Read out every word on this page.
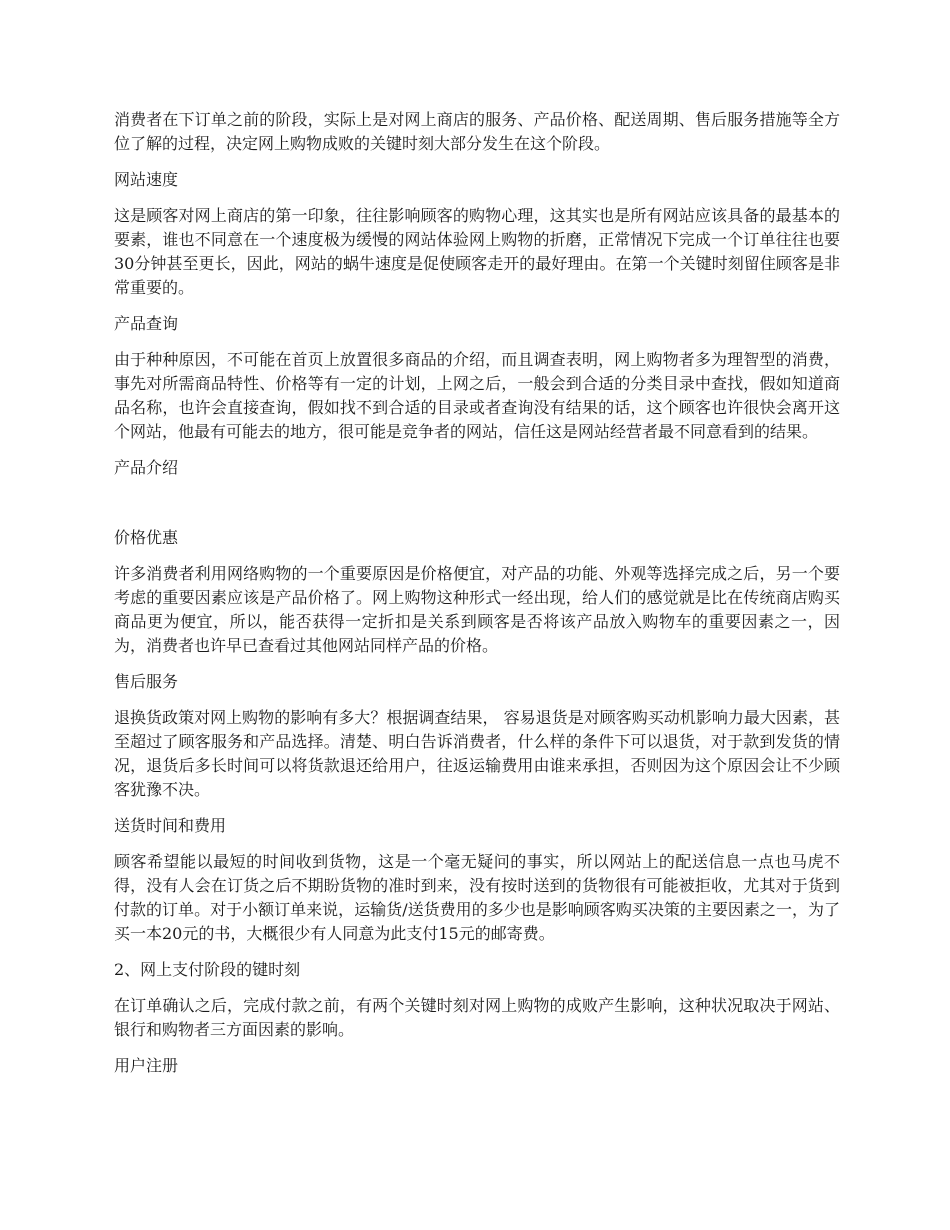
消费者在下订单之前的阶段，实际上是对网上商店的服务、产品价格、配送周期、售后服务措施等全方位了解的过程，决定网上购物成败的关键时刻大部分发生在这个阶段。

网站速度

这是顾客对网上商店的第一印象，往往影响顾客的购物心理，这其实也是所有网站应该具备的最基本的要素，谁也不同意在一个速度极为缓慢的网站体验网上购物的折磨，正常情况下完成一个订单往往也要30分钟甚至更长，因此，网站的蜗牛速度是促使顾客走开的最好理由。在第一个关键时刻留住顾客是非常重要的。

产品查询

由于种种原因，不可能在首页上放置很多商品的介绍，而且调查表明，网上购物者多为理智型的消费，事先对所需商品特性、价格等有一定的计划，上网之后，一般会到合适的分类目录中查找，假如知道商品名称，也许会直接查询，假如找不到合适的目录或者查询没有结果的话，这个顾客也许很快会离开这个网站，他最有可能去的地方，很可能是竞争者的网站，信任这是网站经营者最不同意看到的结果。

产品介绍
价格优惠

许多消费者利用网络购物的一个重要原因是价格便宜，对产品的功能、外观等选择完成之后，另一个要考虑的重要因素应该是产品价格了。网上购物这种形式一经出现，给人们的感觉就是比在传统商店购买商品更为便宜，所以，能否获得一定折扣是关系到顾客是否将该产品放入购物车的重要因素之一，因为，消费者也许早已查看过其他网站同样产品的价格。

售后服务

退换货政策对网上购物的影响有多大？根据调查结果， 容易退货是对顾客购买动机影响力最大因素，甚至超过了顾客服务和产品选择。清楚、明白告诉消费者，什么样的条件下可以退货，对于款到发货的情况，退货后多长时间可以将货款退还给用户，往返运输费用由谁来承担，否则因为这个原因会让不少顾客犹豫不决。

送货时间和费用

顾客希望能以最短的时间收到货物，这是一个毫无疑问的事实，所以网站上的配送信息一点也马虎不得，没有人会在订货之后不期盼货物的准时到来，没有按时送到的货物很有可能被拒收，尤其对于货到付款的订单。对于小额订单来说，运输货/送货费用的多少也是影响顾客购买决策的主要因素之一，为了买一本20元的书，大概很少有人同意为此支付15元的邮寄费。

2、网上支付阶段的键时刻

在订单确认之后，完成付款之前，有两个关键时刻对网上购物的成败产生影响，这种状况取决于网站、银行和购物者三方面因素的影响。

用户注册
